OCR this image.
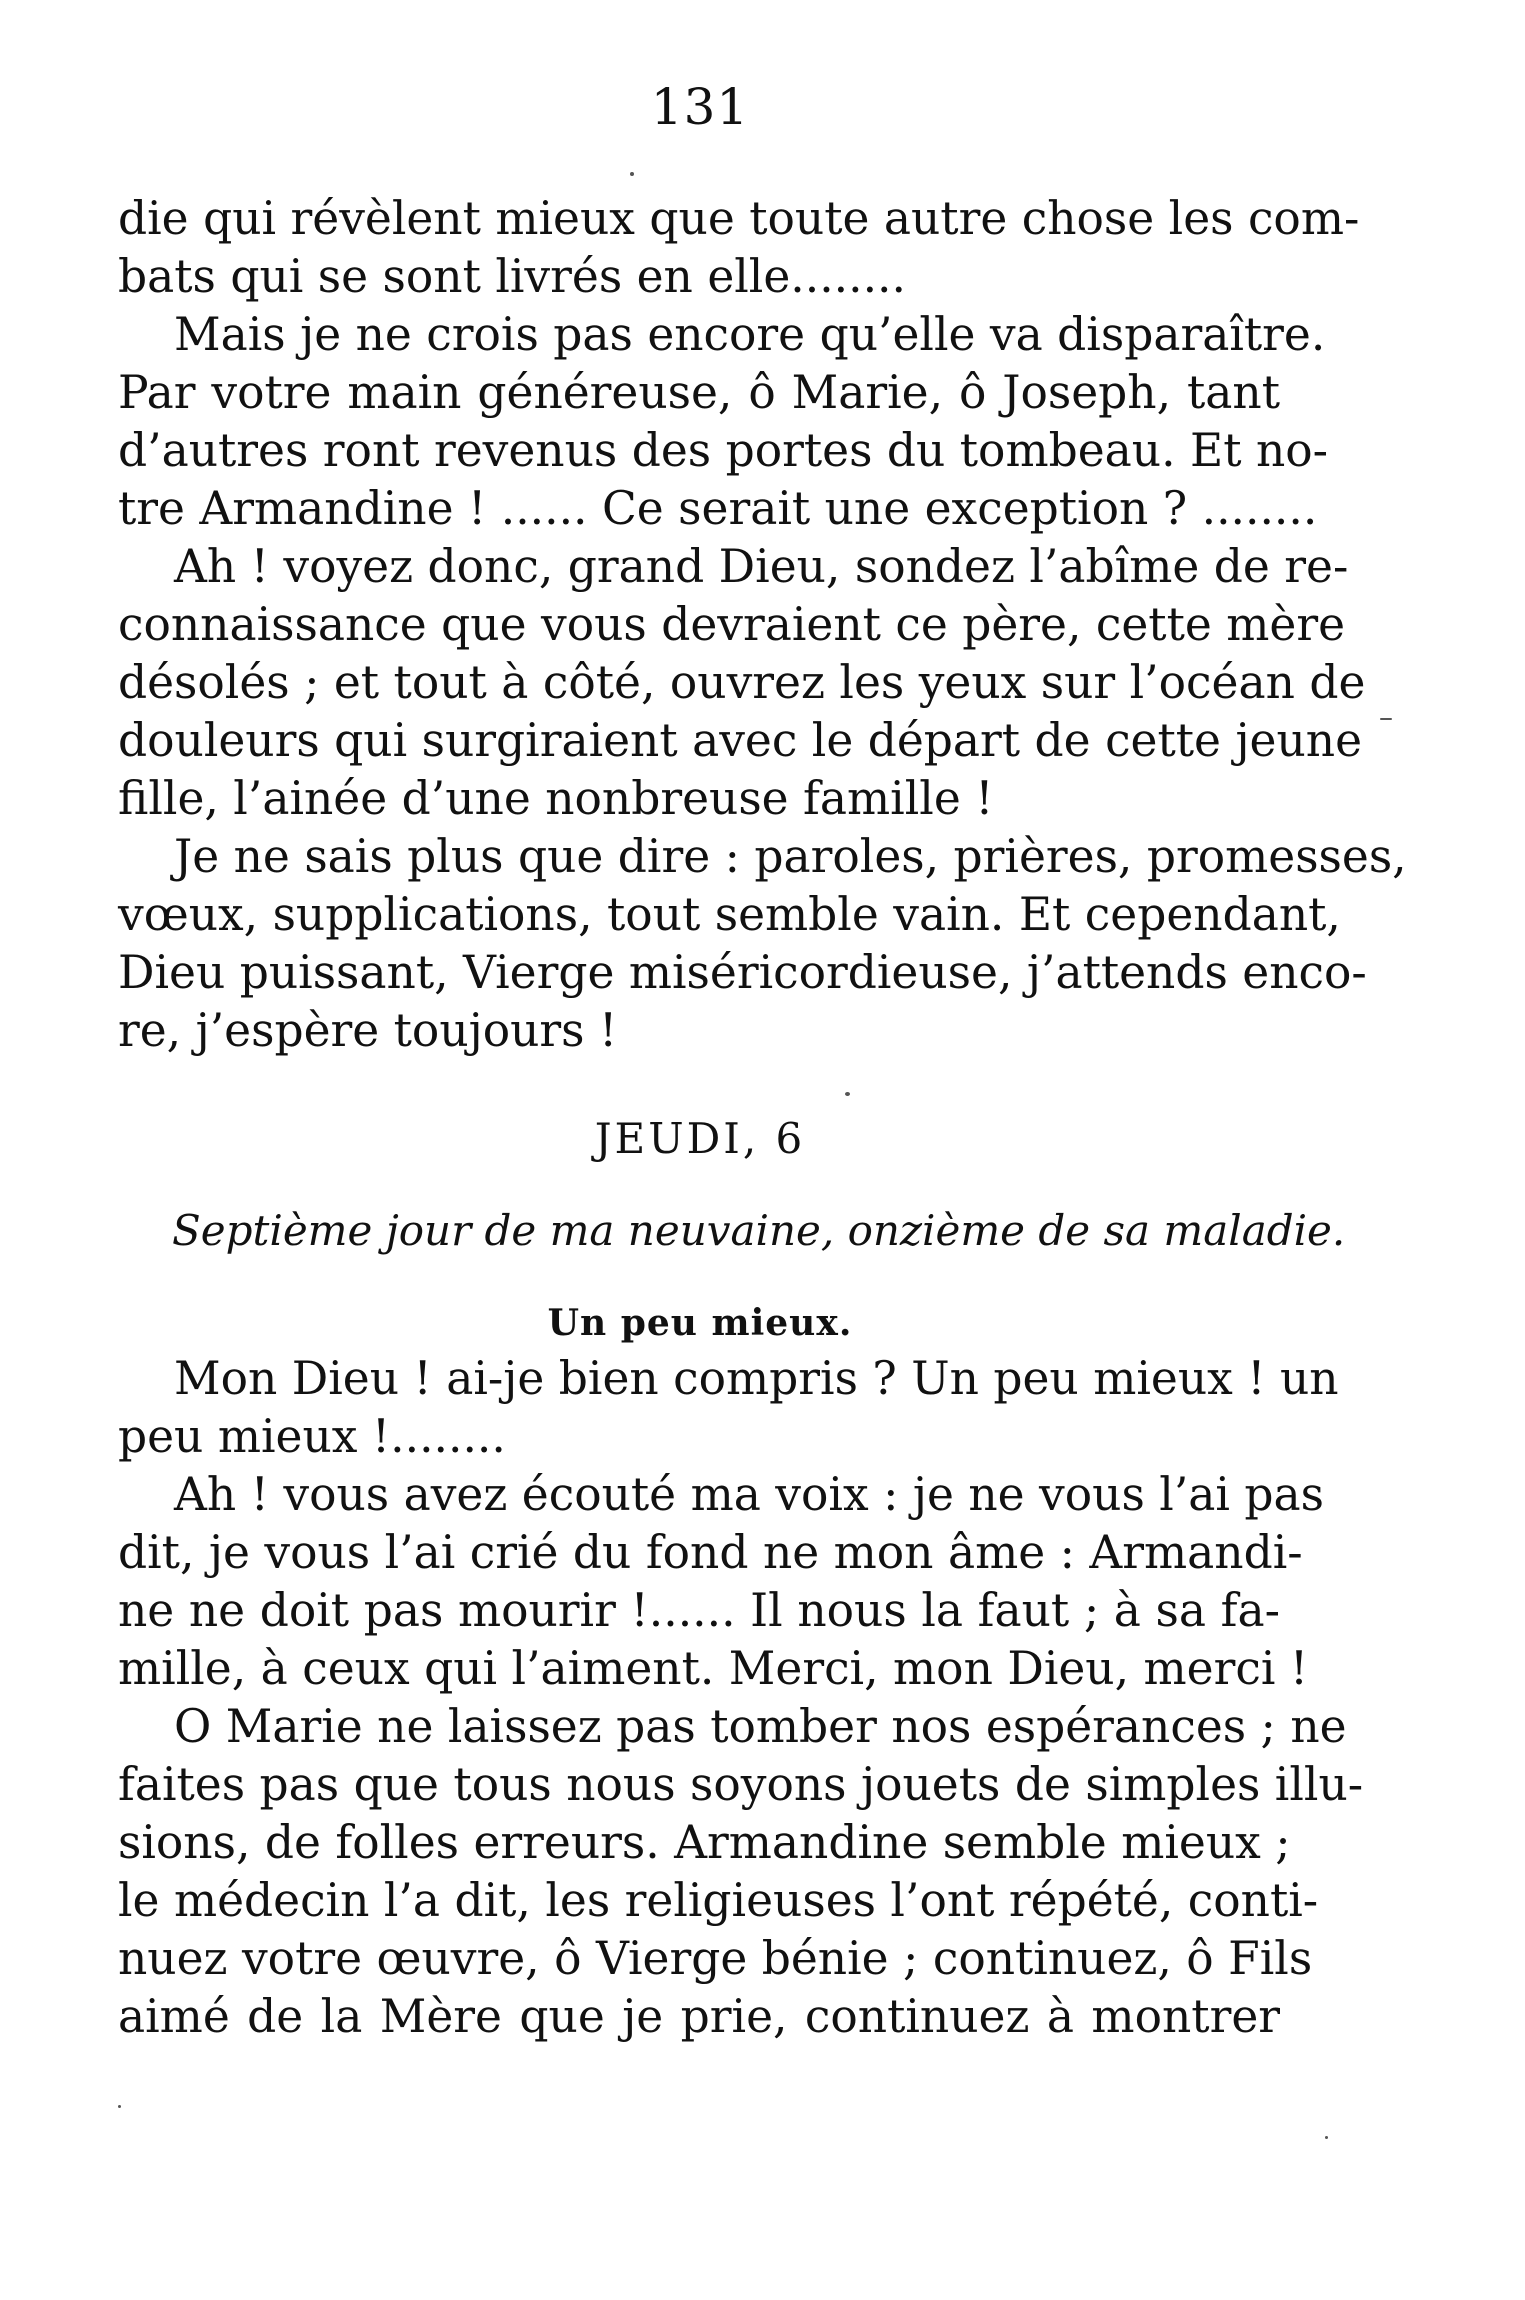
131
die qui révèlent mieux que toute autre chose les com-
bats qui se sont livrés en elle........
Mais je ne crois pas encore qu’elle va disparaître.
Par votre main généreuse, ô Marie, ô Joseph, tant
d’autres ront revenus des portes du tombeau. Et no-
tre Armandine ! ...... Ce serait une exception ? ........
Ah ! voyez donc, grand Dieu, sondez l’abîme de re-
connaissance que vous devraient ce père, cette mère
désolés ; et tout à côté, ouvrez les yeux sur l’océan de
douleurs qui surgiraient avec le départ de cette jeune
fille, l’ainée d’une nonbreuse famille !
Je ne sais plus que dire : paroles, prières, promesses,
vœux, supplications, tout semble vain. Et cependant,
Dieu puissant, Vierge miséricordieuse, j’attends enco-
re, j’espère toujours !
JEUDI, 6
Septième jour de ma neuvaine, onzième de sa maladie.
Un peu mieux.
Mon Dieu ! ai-je bien compris ? Un peu mieux ! un
peu mieux !........
Ah ! vous avez écouté ma voix : je ne vous l’ai pas
dit, je vous l’ai crié du fond ne mon âme : Armandi-
ne ne doit pas mourir !...... Il nous la faut ; à sa fa-
mille, à ceux qui l’aiment. Merci, mon Dieu, merci !
O Marie ne laissez pas tomber nos espérances ; ne
faites pas que tous nous soyons jouets de simples illu-
sions, de folles erreurs. Armandine semble mieux ;
le médecin l’a dit, les religieuses l’ont répété, conti-
nuez votre œuvre, ô Vierge bénie ; continuez, ô Fils
aimé de la Mère que je prie, continuez à montrer
